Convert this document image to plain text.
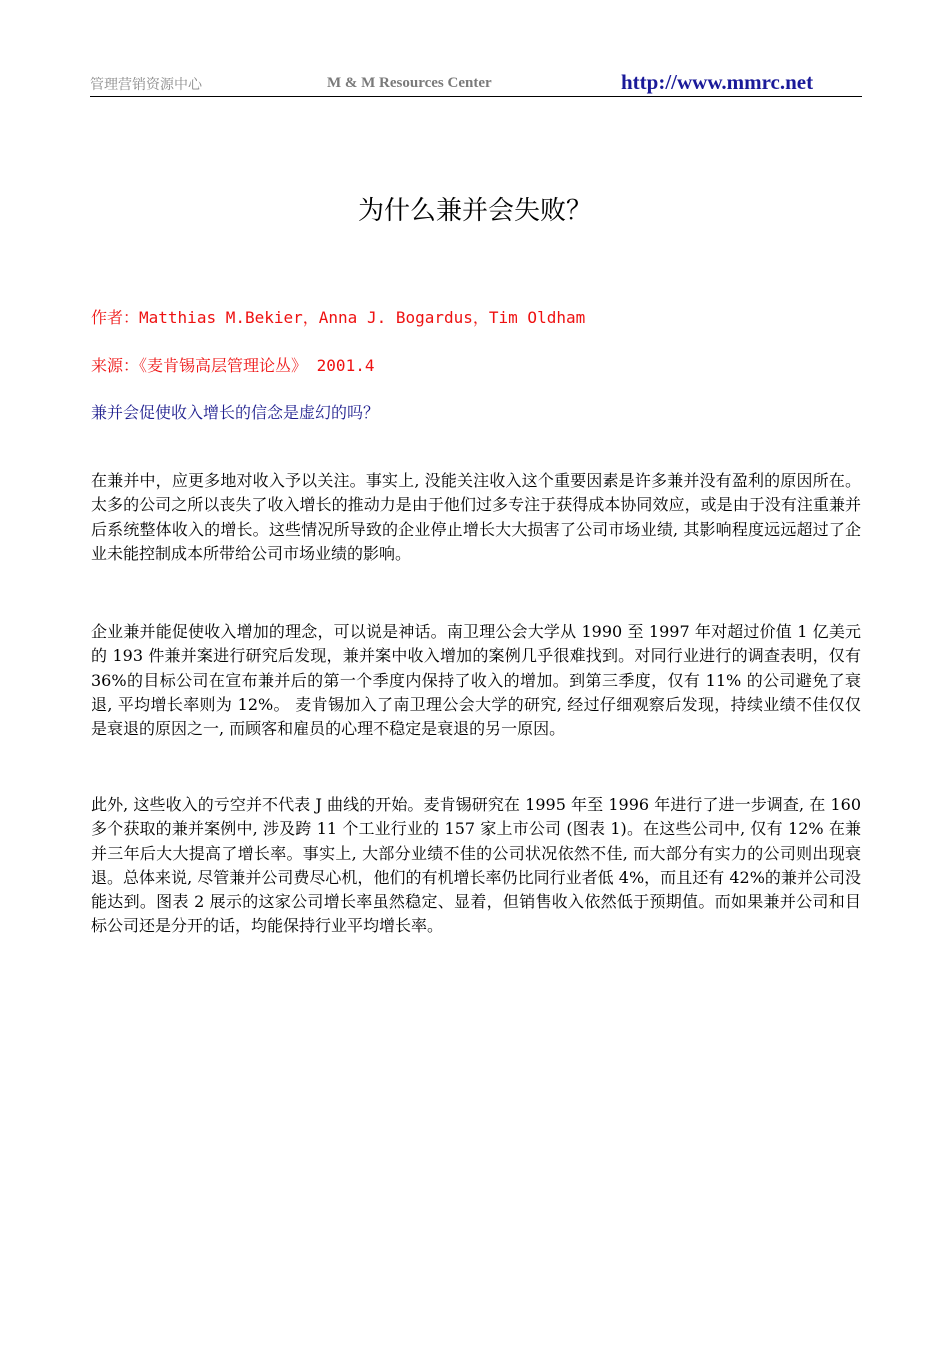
管理营销资源中心	M & M Resources Center	http://www.mmrc.net
为什么兼并会失败？
作者：Matthias M.Bekier，Anna J. Bogardus，Tim Oldham
来源：《麦肯锡高层管理论丛》 2001.4
兼并会促使收入增长的信念是虚幻的吗？

在兼并中，应更多地对收入予以关注。事实上, 没能关注收入这个重要因素是许多兼并没有盈利的原因所在。太多的公司之所以丧失了收入增长的推动力是由于他们过多专注于获得成本协同效应，或是由于没有注重兼并后系统整体收入的增长。这些情况所导致的企业停止增长大大损害了公司市场业绩, 其影响程度远远超过了企业未能控制成本所带给公司市场业绩的影响。

企业兼并能促使收入增加的理念，可以说是神话。南卫理公会大学从 1990 至 1997 年对超过价值 1 亿美元的 193 件兼并案进行研究后发现，兼并案中收入增加的案例几乎很难找到。对同行业进行的调查表明，仅有 36%的目标公司在宣布兼并后的第一个季度内保持了收入的增加。到第三季度，仅有 11% 的公司避免了衰退, 平均增长率则为 12%。 麦肯锡加入了南卫理公会大学的研究, 经过仔细观察后发现，持续业绩不佳仅仅是衰退的原因之一, 而顾客和雇员的心理不稳定是衰退的另一原因。

此外, 这些收入的亏空并不代表 J 曲线的开始。麦肯锡研究在 1995 年至 1996 年进行了进一步调查, 在 160 多个获取的兼并案例中, 涉及跨 11 个工业行业的 157 家上市公司 (图表 1)。在这些公司中, 仅有 12% 在兼并三年后大大提高了增长率。事实上, 大部分业绩不佳的公司状况依然不佳, 而大部分有实力的公司则出现衰退。总体来说, 尽管兼并公司费尽心机，他们的有机增长率仍比同行业者低 4%，而且还有 42%的兼并公司没能达到。图表 2 展示的这家公司增长率虽然稳定、显着，但销售收入依然低于预期值。而如果兼并公司和目标公司还是分开的话，均能保持行业平均增长率。
